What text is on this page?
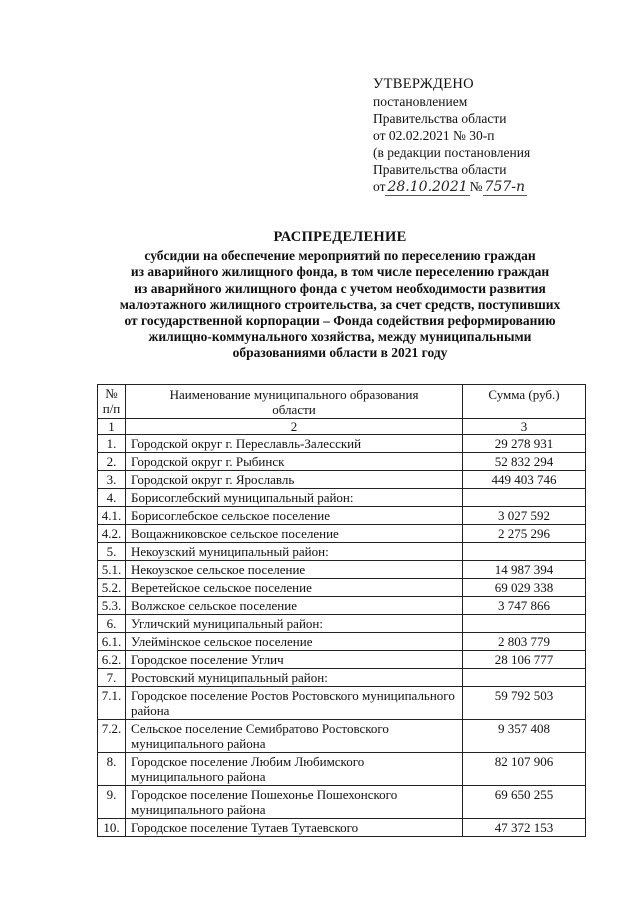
УТВЕРЖДЕНО
постановлением
Правительства области
от 02.02.2021 № 30-п
(в редакции постановления
Правительства области
от 28.10.2021 № 757-п
РАСПРЕДЕЛЕНИЕ
субсидии на обеспечение мероприятий по переселению граждан
из аварийного жилищного фонда, в том числе переселению граждан
из аварийного жилищного фонда с учетом необходимости развития
малоэтажного жилищного строительства, за счет средств, поступивших
от государственной корпорации – Фонда содействия реформированию
жилищно-коммунального хозяйства, между муниципальными
образованиями области в 2021 году
№ п/п	Наименование муниципального образования области	Сумма (руб.)
1	2	3
1.	Городской округ г. Переславль-Залесский	29 278 931
2.	Городской округ г. Рыбинск	52 832 294
3.	Городской округ г. Ярославль	449 403 746
4.	Борисоглебский муниципальный район:	
4.1.	Борисоглебское сельское поселение	3 027 592
4.2.	Вощажниковское сельское поселение	2 275 296
5.	Некоузский муниципальный район:	
5.1.	Некоузское сельское поселение	14 987 394
5.2.	Веретейское сельское поселение	69 029 338
5.3.	Волжское сельское поселение	3 747 866
6.	Угличский муниципальный район:	
6.1.	Улеймінское сельское поселение	2 803 779
6.2.	Городское поселение Углич	28 106 777
7.	Ростовский муниципальный район:	
7.1.	Городское поселение Ростов Ростовского муниципального района	59 792 503
7.2.	Сельское поселение Семибратово Ростовского муниципального района	9 357 408
8.	Городское поселение Любим Любимского муниципального района	82 107 906
9.	Городское поселение Пошехонье Пошехонского муниципального района	69 650 255
10.	Городское поселение Тутаев Тутаевского	47 372 153
